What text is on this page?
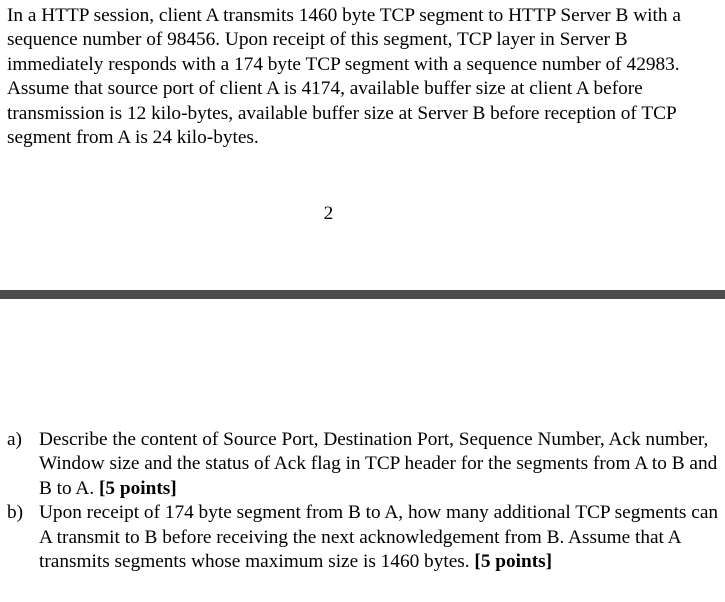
In a HTTP session, client A transmits 1460 byte TCP segment to HTTP Server B with a sequence number of 98456. Upon receipt of this segment, TCP layer in Server B immediately responds with a 174 byte TCP segment with a sequence number of 42983. Assume that source port of client A is 4174, available buffer size at client A before transmission is 12 kilo-bytes, available buffer size at Server B before reception of TCP segment from A is 24 kilo-bytes.

2
a) Describe the content of Source Port, Destination Port, Sequence Number, Ack number, Window size and the status of Ack flag in TCP header for the segments from A to B and B to A. [5 points]
b) Upon receipt of 174 byte segment from B to A, how many additional TCP segments can A transmit to B before receiving the next acknowledgement from B. Assume that A transmits segments whose maximum size is 1460 bytes. [5 points]
